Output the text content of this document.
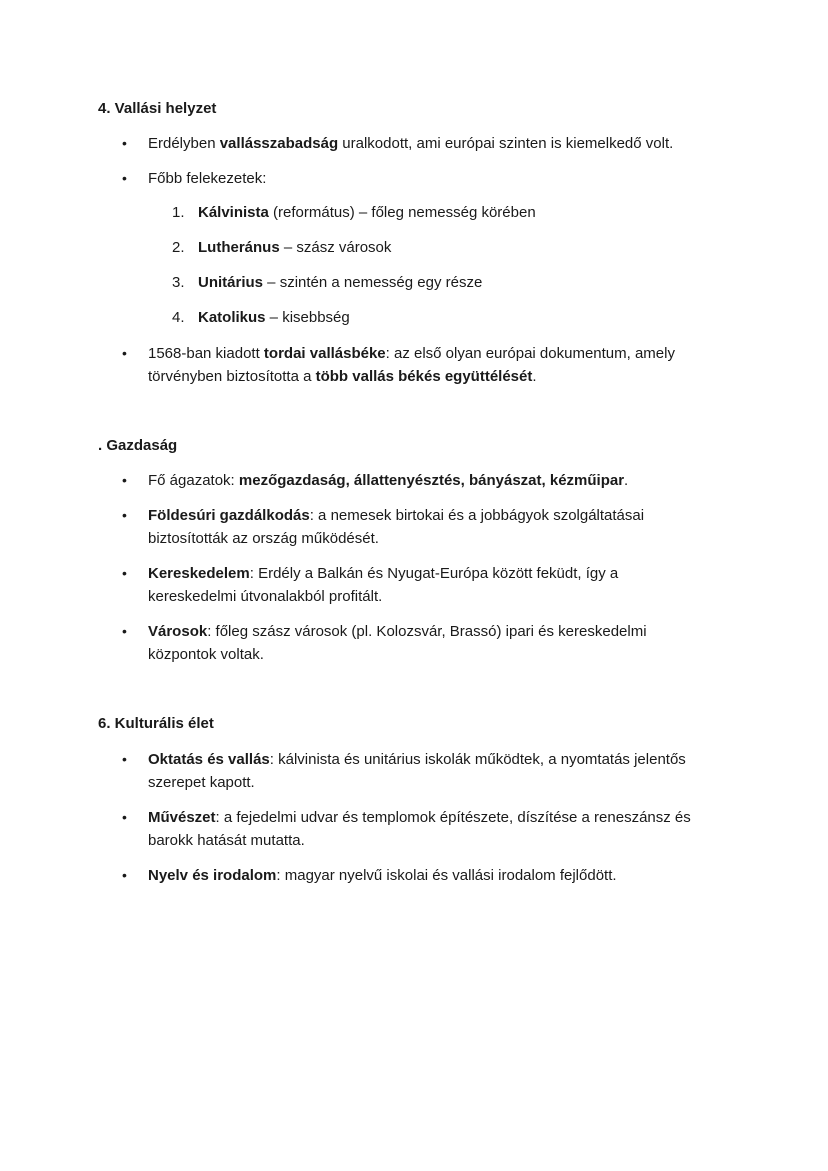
4. Vallási helyzet
•	Erdélyben vallásszabadság uralkodott, ami európai szinten is kiemelkedő volt.
•	Főbb felekezetek:
1. Kálvinista (református) – főleg nemesség körében
2. Lutheránus – szász városok
3. Unitárius – szintén a nemesség egy része
4. Katolikus – kisebbség
•	1568-ban kiadott tordai vallásbéke: az első olyan európai dokumentum, amely
törvényben biztosította a több vallás békés együttélését.
. Gazdaság
•	Fő ágazatok: mezőgazdaság, állattenyésztés, bányászat, kézműipar.
•	Földesúri gazdálkodás: a nemesek birtokai és a jobbágyok szolgáltatásai
biztosították az ország működését.
•	Kereskedelem: Erdély a Balkán és Nyugat-Európa között feküdt, így a
kereskedelmi útvonalakból profitált.
•	Városok: főleg szász városok (pl. Kolozsvár, Brassó) ipari és kereskedelmi
központok voltak.
6. Kulturális élet
•	Oktatás és vallás: kálvinista és unitárius iskolák működtek, a nyomtatás jelentős
szerepet kapott.
•	Művészet: a fejedelmi udvar és templomok építészete, díszítése a reneszánsz és
barokk hatását mutatta.
•	Nyelv és irodalom: magyar nyelvű iskolai és vallási irodalom fejlődött.
